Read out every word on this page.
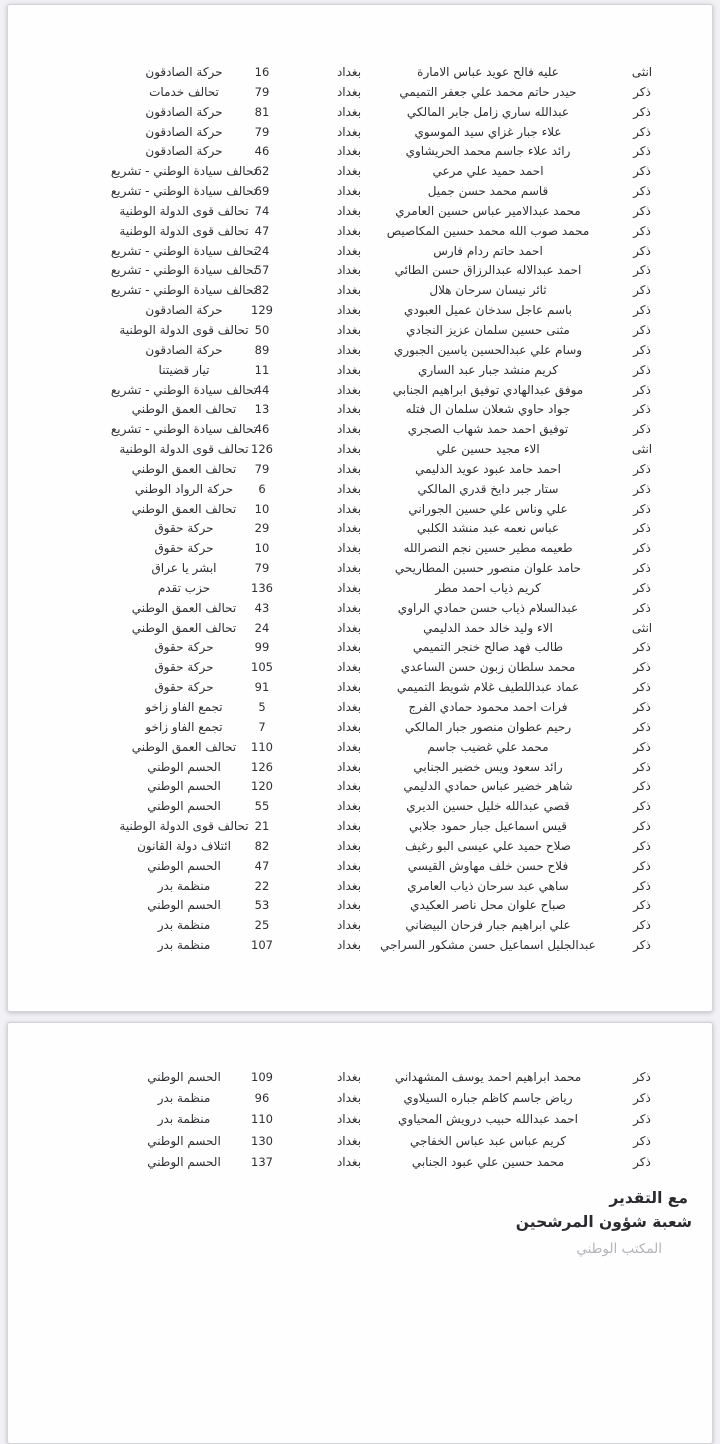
انثى
عليه فالح عويد عباس الامارة
بغداد
16
حركة الصادقون
ذكر
حيدر حاتم محمد علي جعفر التميمي
بغداد
79
تحالف خدمات
ذكر
عبدالله ساري زامل جابر المالكي
بغداد
81
حركة الصادقون
ذكر
علاء جبار غزاي سيد الموسوي
بغداد
79
حركة الصادقون
ذكر
رائد علاء جاسم محمد الحريشاوي
بغداد
46
حركة الصادقون
ذكر
احمد حميد علي مرعي
بغداد
62
تحالف سيادة الوطني - تشريع
ذكر
قاسم محمد حسن جميل
بغداد
69
تحالف سيادة الوطني - تشريع
ذكر
محمد عبدالامير عباس حسين العامري
بغداد
74
تحالف قوى الدولة الوطنية
ذكر
محمد صوب الله محمد حسين المكاصيص
بغداد
47
تحالف قوى الدولة الوطنية
ذكر
احمد حاتم ردام فارس
بغداد
24
تحالف سيادة الوطني - تشريع
ذكر
احمد عبدالاله عبدالرزاق حسن الطائي
بغداد
57
تحالف سيادة الوطني - تشريع
ذكر
ثائر نيسان سرحان هلال
بغداد
82
تحالف سيادة الوطني - تشريع
ذكر
باسم عاجل سدخان عميل العبودي
بغداد
129
حركة الصادقون
ذكر
مثنى حسين سلمان عزيز النجادي
بغداد
50
تحالف قوى الدولة الوطنية
ذكر
وسام علي عبدالحسين ياسين الجبوري
بغداد
89
حركة الصادقون
ذكر
كريم منشد جبار عبد الساري
بغداد
11
تيار قضيتنا
ذكر
موفق عبدالهادي توفيق ابراهيم الجنابي
بغداد
44
تحالف سيادة الوطني - تشريع
ذكر
جواد حاوي شعلان سلمان ال فتله
بغداد
13
تحالف العمق الوطني
ذكر
توفيق احمد حمد شهاب الصجري
بغداد
46
تحالف سيادة الوطني - تشريع
انثى
الاء مجيد حسين علي
بغداد
126
تحالف قوى الدولة الوطنية
ذكر
احمد حامد عبود عويد الدليمي
بغداد
79
تحالف العمق الوطني
ذكر
ستار جبر دايخ قدري المالكي
بغداد
6
حركة الرواد الوطني
ذكر
علي وناس علي حسين الجوراني
بغداد
10
تحالف العمق الوطني
ذكر
عباس نعمه عبد منشد الكلبي
بغداد
29
حركة حقوق
ذكر
طعيمه مطير حسين نجم النصرالله
بغداد
10
حركة حقوق
ذكر
حامد علوان منصور حسين المطاريحي
بغداد
79
ابشر يا عراق
ذكر
كريم ذياب احمد مطر
بغداد
136
حزب تقدم
ذكر
عبدالسلام ذياب حسن حمادي الراوي
بغداد
43
تحالف العمق الوطني
انثى
الاء وليد خالد حمد الدليمي
بغداد
24
تحالف العمق الوطني
ذكر
طالب فهد صالح خنجر التميمي
بغداد
99
حركة حقوق
ذكر
محمد سلطان زبون حسن الساعدي
بغداد
105
حركة حقوق
ذكر
عماد عبداللطيف غلام شويط التميمي
بغداد
91
حركة حقوق
ذكر
فرات احمد محمود حمادي الفرج
بغداد
5
تجمع الفاو زاخو
ذكر
رحيم عطوان منصور جبار المالكي
بغداد
7
تجمع الفاو زاخو
ذكر
محمد علي غضيب جاسم
بغداد
110
تحالف العمق الوطني
ذكر
رائد سعود ويس خضير الجنابي
بغداد
126
الحسم الوطني
ذكر
شاهر خضير عباس حمادي الدليمي
بغداد
120
الحسم الوطني
ذكر
قصي عبدالله خليل حسين الديري
بغداد
55
الحسم الوطني
ذكر
قيس اسماعيل جبار حمود جلابي
بغداد
21
تحالف قوى الدولة الوطنية
ذكر
صلاح حميد علي عيسى البو رغيف
بغداد
82
ائتلاف دولة القانون
ذكر
فلاح حسن خلف مهاوش القيسي
بغداد
47
الحسم الوطني
ذكر
ساهي عبد سرحان ذياب العامري
بغداد
22
منظمة بدر
ذكر
صباح علوان محل ناصر العكيدي
بغداد
53
الحسم الوطني
ذكر
علي ابراهيم جبار فرحان البيضاني
بغداد
25
منظمة بدر
ذكر
عبدالجليل اسماعيل حسن مشكور السراجي
بغداد
107
منظمة بدر
ذكر
محمد ابراهيم احمد يوسف المشهداني
بغداد
109
الحسم الوطني
ذكر
رياض جاسم كاظم جباره السيلاوي
بغداد
96
منظمة بدر
ذكر
احمد عبدالله حبيب درويش المحياوي
بغداد
110
منظمة بدر
ذكر
كريم عباس عبد عباس الخفاجي
بغداد
130
الحسم الوطني
ذكر
محمد حسين علي عبود الجنابي
بغداد
137
الحسم الوطني
مع التقدير
شعبة شؤون المرشحين
المكتب الوطني
